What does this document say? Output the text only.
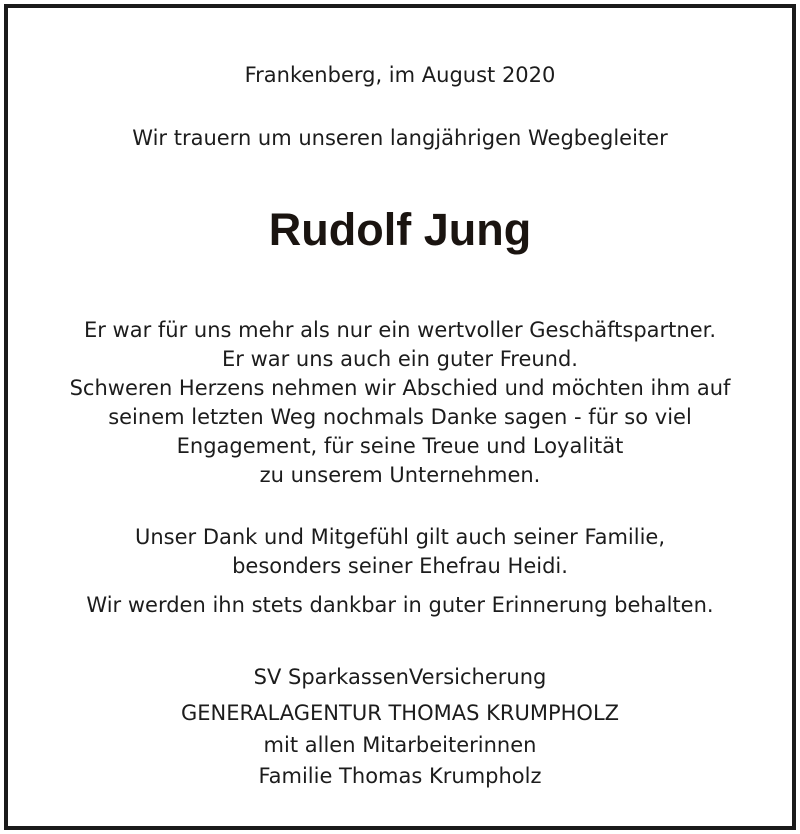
Frankenberg, im August 2020
Wir trauern um unseren langjährigen Wegbegleiter
Rudolf Jung
Er war für uns mehr als nur ein wertvoller Geschäftspartner.
Er war uns auch ein guter Freund.
Schweren Herzens nehmen wir Abschied und möchten ihm auf
seinem letzten Weg nochmals Danke sagen - für so viel
Engagement, für seine Treue und Loyalität
zu unserem Unternehmen.
Unser Dank und Mitgefühl gilt auch seiner Familie,
besonders seiner Ehefrau Heidi.
Wir werden ihn stets dankbar in guter Erinnerung behalten.
SV SparkassenVersicherung
GENERALAGENTUR THOMAS KRUMPHOLZ
mit allen Mitarbeiterinnen
Familie Thomas Krumpholz
